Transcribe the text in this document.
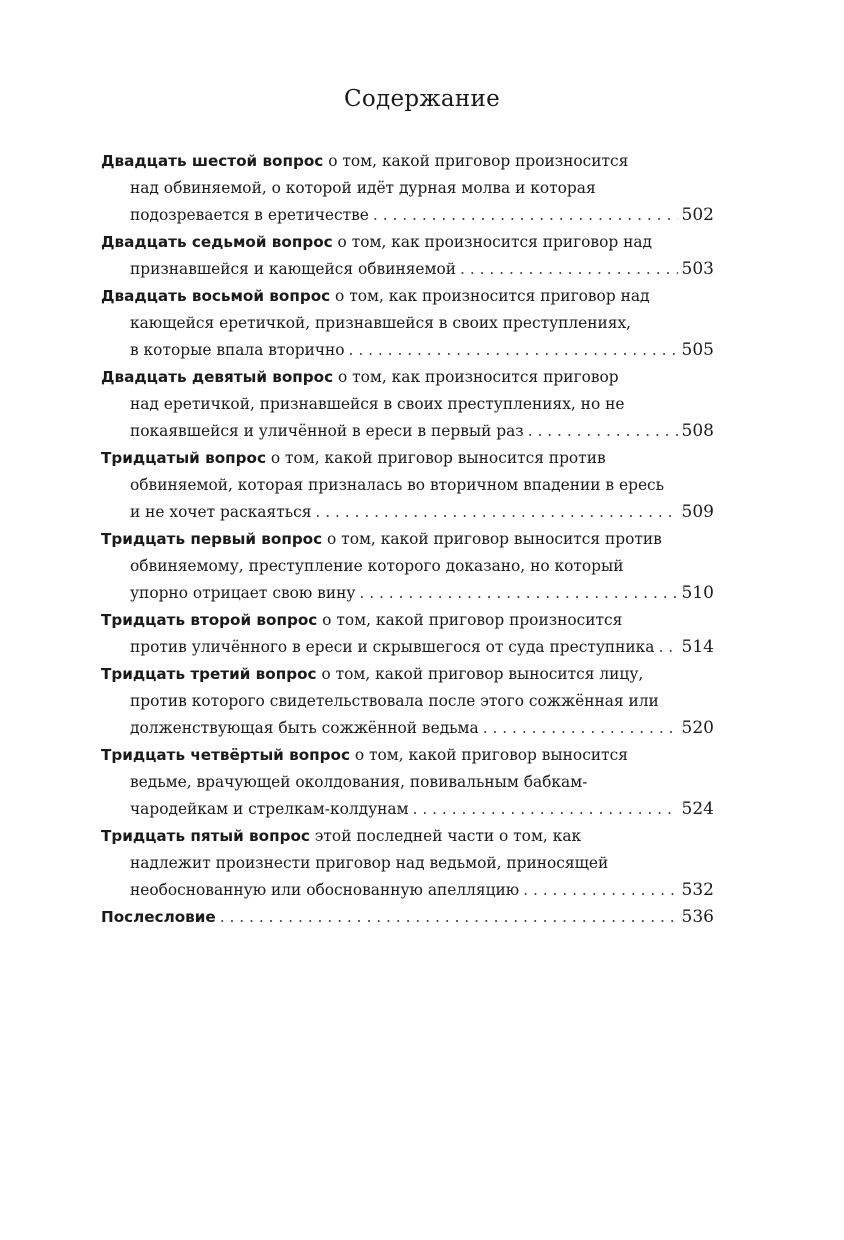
Содержание
Двадцать шестой вопрос о том, какой приговор произносится
над обвиняемой, о которой идёт дурная молва и которая
подозревается в еретичестве . . .	502
Двадцать седьмой вопрос о том, как произносится приговор над
признавшейся и кающейся обвиняемой . . .	503
Двадцать восьмой вопрос о том, как произносится приговор над
кающейся еретичкой, признавшейся в своих преступлениях,
в которые впала вторично . . .	505
Двадцать девятый вопрос о том, как произносится приговор
над еретичкой, признавшейся в своих преступлениях, но не
покаявшейся и уличённой в ереси в первый раз . . .	508
Тридцатый вопрос о том, какой приговор выносится против
обвиняемой, которая призналась во вторичном впадении в ересь
и не хочет раскаяться . . .	509
Тридцать первый вопрос о том, какой приговор выносится против
обвиняемому, преступление которого доказано, но который
упорно отрицает свою вину . . .	510
Тридцать второй вопрос о том, какой приговор произносится
против уличённого в ереси и скрывшегося от суда преступника . . . 514
Тридцать третий вопрос о том, какой приговор выносится лицу,
против которого свидетельствовала после этого сожжённая или
долженствующая быть сожжённой ведьма . . .	520
Тридцать четвёртый вопрос о том, какой приговор выносится
ведьме, врачующей околдования, повивальным бабкам-
чародейкам и стрелкам-колдунам . . .	524
Тридцать пятый вопрос этой последней части о том, как
надлежит произнести приговор над ведьмой, приносящей
необоснованную или обоснованную апелляцию . . .	532
Послесловие . . .	536
